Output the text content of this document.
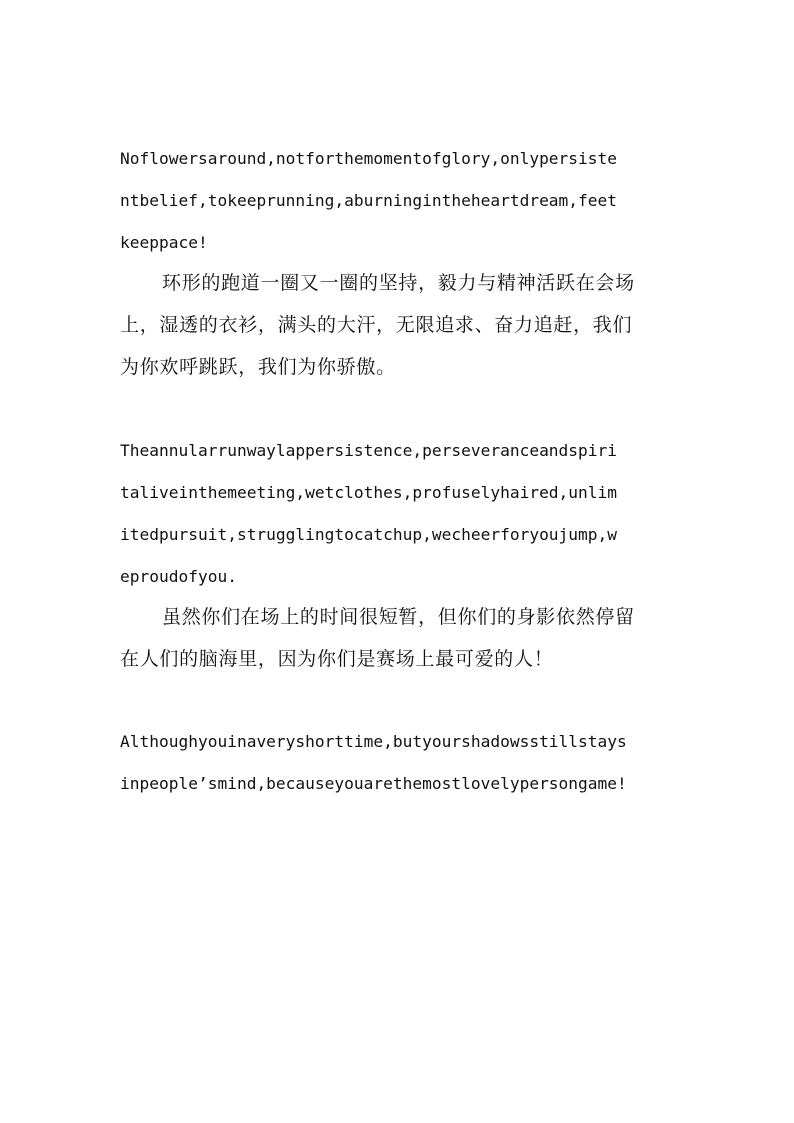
Noflowersaround,notforthemomentofglory,onlypersiste
ntbelief,tokeeprunning,aburningintheheartdream,feet
keeppace!
环形的跑道一圈又一圈的坚持，毅力与精神活跃在会场
上，湿透的衣衫，满头的大汗，无限追求、奋力追赶，我们
为你欢呼跳跃，我们为你骄傲。
Theannularrunwaylappersistence,perseveranceandspiri
taliveinthemeeting,wetclothes,profuselyhaired,unlim
itedpursuit,strugglingtocatchup,wecheerforyoujump,w
eproudofyou.
虽然你们在场上的时间很短暂，但你们的身影依然停留
在人们的脑海里，因为你们是赛场上最可爱的人！
Althoughyouinaveryshorttime,butyourshadowsstillstays
inpeople’smind,becauseyouarethemostlovelypersongame!
